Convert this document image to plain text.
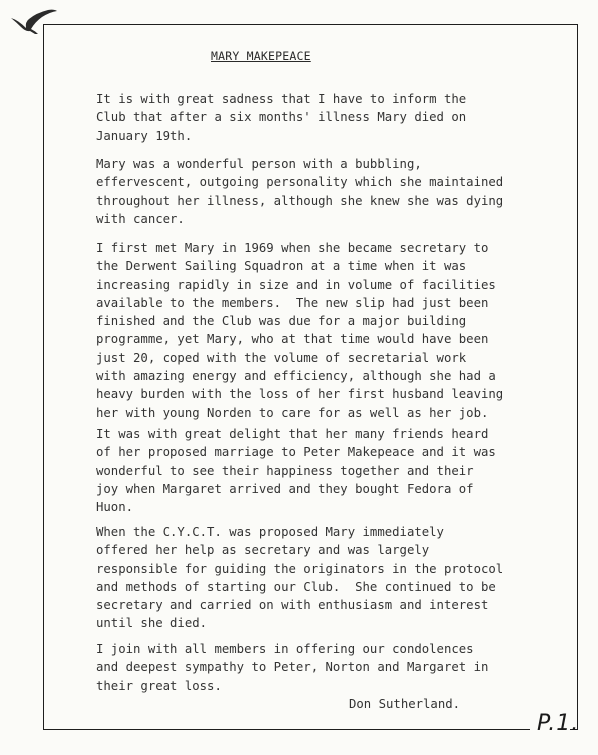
MARY MAKEPEACE

It is with great sadness that I have to inform the
Club that after a six months' illness Mary died on
January 19th.

Mary was a wonderful person with a bubbling,
effervescent, outgoing personality which she maintained
throughout her illness, although she knew she was dying
with cancer.

I first met Mary in 1969 when she became secretary to
the Derwent Sailing Squadron at a time when it was
increasing rapidly in size and in volume of facilities
available to the members.  The new slip had just been
finished and the Club was due for a major building
programme, yet Mary, who at that time would have been
just 20, coped with the volume of secretarial work
with amazing energy and efficiency, although she had a
heavy burden with the loss of her first husband leaving
her with young Norden to care for as well as her job.

It was with great delight that her many friends heard
of her proposed marriage to Peter Makepeace and it was
wonderful to see their happiness together and their
joy when Margaret arrived and they bought Fedora of
Huon.

When the C.Y.C.T. was proposed Mary immediately
offered her help as secretary and was largely
responsible for guiding the originators in the protocol
and methods of starting our Club.  She continued to be
secretary and carried on with enthusiasm and interest
until she died.

I join with all members in offering our condolences
and deepest sympathy to Peter, Norton and Margaret in
their great loss.

Don Sutherland.
P.1.
